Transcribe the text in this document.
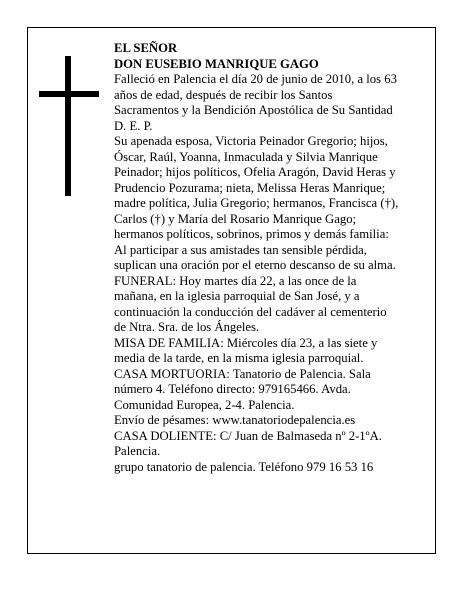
EL SEÑOR

DON EUSEBIO MANRIQUE GAGO

Falleció en Palencia el día 20 de junio de 2010, a los 63
años de edad, después de recibir los Santos
Sacramentos y la Bendición Apostólica de Su Santidad
D. E. P.

Su apenada esposa, Victoria Peinador Gregorio; hijos,
Óscar, Raúl, Yoanna, Inmaculada y Silvia Manrique
Peinador; hijos políticos, Ofelia Aragón, David Heras y
Prudencio Pozurama; nieta, Melissa Heras Manrique;
madre política, Julia Gregorio; hermanos, Francisca (†),
Carlos (†) y María del Rosario Manrique Gago;
hermanos políticos, sobrinos, primos y demás familia:

Al participar a sus amistades tan sensible pérdida,
suplican una oración por el eterno descanso de su alma.

FUNERAL: Hoy martes día 22, a las once de la
mañana, en la iglesia parroquial de San José, y a
continuación la conducción del cadáver al cementerio
de Ntra. Sra. de los Ángeles.

MISA DE FAMILIA: Miércoles día 23, a las siete y
media de la tarde, en la misma iglesia parroquial.

CASA MORTUORIA: Tanatorio de Palencia. Sala
número 4. Teléfono directo: 979165466. Avda.
Comunidad Europea, 2-4. Palencia.

Envío de pésames: www.tanatoriodepalencia.es

CASA DOLIENTE: C/ Juan de Balmaseda nº 2-1ºA.
Palencia.

grupo tanatorio de palencia. Teléfono 979 16 53 16
